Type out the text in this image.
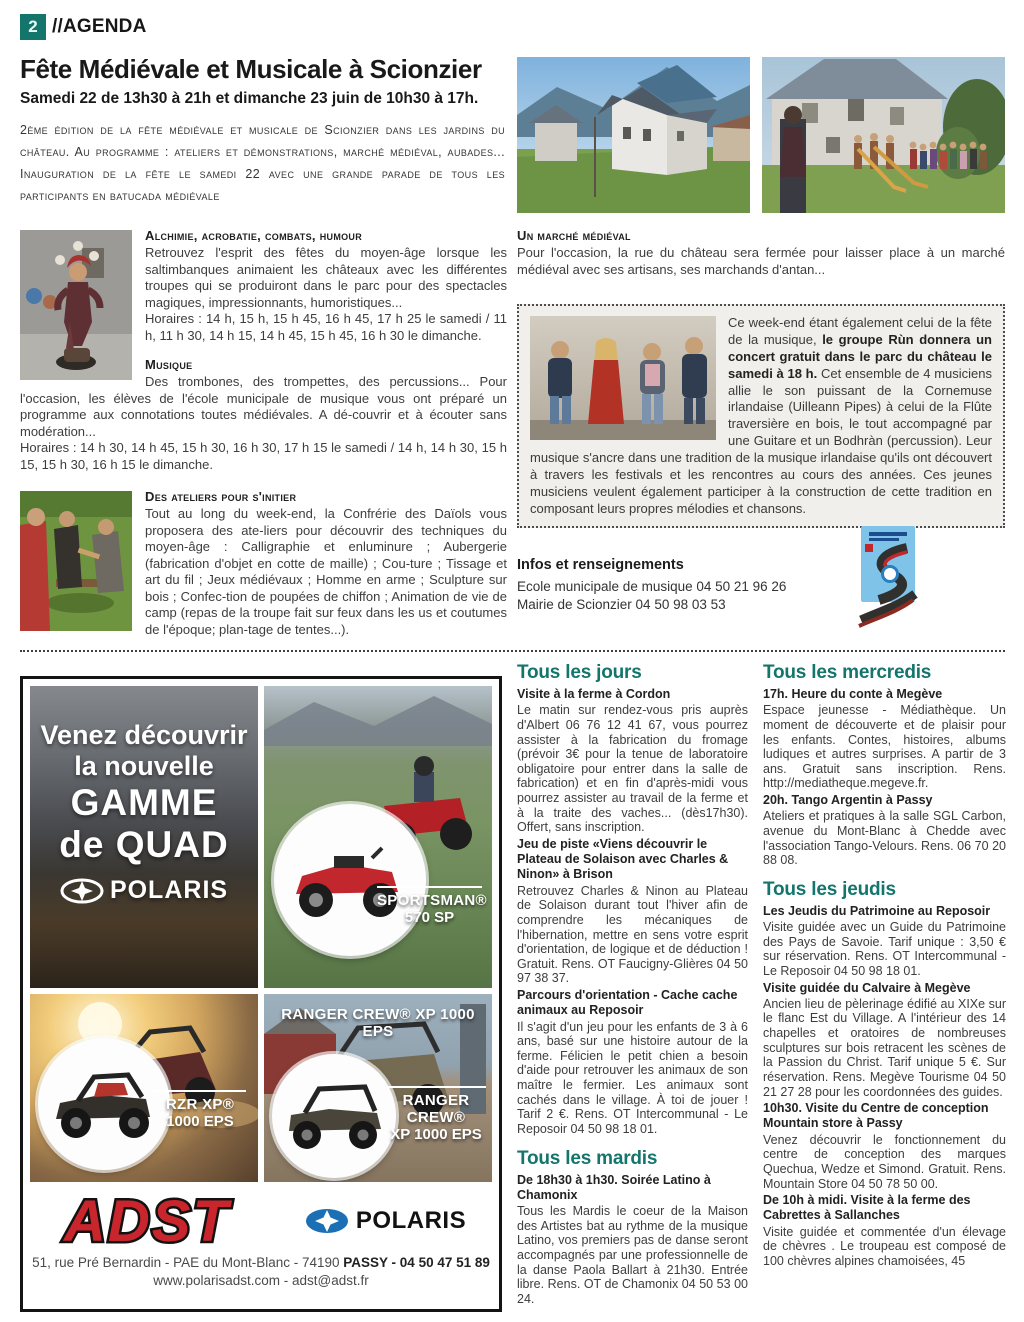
2 //AGENDA
Fête Médiévale et Musicale à Scionzier
Samedi 22 de 13h30 à 21h et dimanche 23 juin de 10h30 à 17h.

2ème édition de la fête médiévale et musicale de Scionzier dans les jardins du château. Au programme : ateliers et démonstrations, marché médiéval, aubades... Inauguration de la fête le samedi 22 avec une grande parade de tous les participants en batucada médiévale

Alchimie, acrobatie, combats, humour

Retrouvez l'esprit des fêtes du moyen-âge lorsque les saltimbanques animaient les châteaux avec les différentes troupes qui se produiront dans le parc pour des spectacles magiques, impressionnants, humoristiques...

Horaires : 14 h, 15 h, 15 h 45, 16 h 45, 17 h 25 le samedi / 11 h, 11 h 30, 14 h 15, 14 h 45, 15 h 45, 16 h 30 le dimanche.

Musique

Des trombones, des trompettes, des percussions... Pour l'occasion, les élèves de l'école municipale de musique vous ont préparé un programme aux connotations toutes médiévales. A dé-couvrir et à écouter sans modération...

Horaires : 14 h 30, 14 h 45, 15 h 30, 16 h 30, 17 h 15 le samedi / 14 h, 14 h 30, 15 h 15, 15 h 30, 16 h 15 le dimanche.

Des ateliers pour s'initier

Tout au long du week-end, la Confrérie des Daïols vous proposera des ate-liers pour découvrir des techniques du moyen-âge : Calligraphie et enluminure ; Aubergerie (fabrication d'objet en cotte de maille) ; Cou-ture ; Tissage et art du fil ; Jeux médiévaux ; Homme en arme ; Sculpture sur bois ; Confec-tion de poupées de chiffon ; Animation de vie de camp (repas de la troupe fait sur feux dans les us et coutumes de l'époque; plan-tage de tentes...).

Un marché médiéval

Pour l'occasion, la rue du château sera fermée pour laisser place à un marché médiéval avec ses artisans, ses marchands d'antan...

Ce week-end étant également celui de la fête de la musique, le groupe Rùn donnera un concert gratuit dans le parc du château le samedi à 18 h. Cet ensemble de 4 musiciens allie le son puissant de la Cornemuse irlandaise (Uilleann Pipes) à celui de la Flûte traversière en bois, le tout accompagné par une Guitare et un Bodhràn (percussion). Leur musique s'ancre dans une tradition de la musique irlandaise qu'ils ont découvert à travers les festivals et les rencontres au cours des années. Ces jeunes musiciens veulent également participer à la construction de cette tradition en composant leurs propres mélodies et chansons.

Infos et renseignements

Ecole municipale de musique 04 50 21 96 26

Mairie de Scionzier 04 50 98 03 53

Venez découvrir
la nouvelle
GAMME
de QUAD
POLARIS	SPORTSMAN®
570 SP
RZR XP®
1000 EPS
RANGER CREW® XP 1000 EPS
RANGER CREW®
XP 1000 EPS
ADST	POLARIS
51, rue Pré Bernardin - PAE du Mont-Blanc - 74190 PASSY - 04 50 47 51 89
www.polarisadst.com - adst@adst.fr
Tous les jours
Visite à la ferme à Cordon
Le matin sur rendez-vous pris auprès d'Albert 06 76 12 41 67, vous pourrez assister à la fabrication du fromage (prévoir 3€ pour la tenue de laboratoire obligatoire pour entrer dans la salle de fabrication) et en fin d'après-midi vous pourrez assister au travail de la ferme et à la traite des vaches... (dès17h30). Offert, sans inscription.
Jeu de piste «Viens découvrir le Plateau de Solaison avec Charles & Ninon» à Brison
Retrouvez Charles & Ninon au Plateau de Solaison durant tout l'hiver afin de comprendre les mécaniques de l'hibernation, mettre en sens votre esprit d'orientation, de logique et de déduction ! Gratuit. Rens. OT Faucigny-Glières 04 50 97 38 37.
Parcours d'orientation - Cache cache animaux au Reposoir
Il s'agit d'un jeu pour les enfants de 3 à 6 ans, basé sur une histoire autour de la ferme. Félicien le petit chien a besoin d'aide pour retrouver les animaux de son maître le fermier. Les animaux sont cachés dans le village. À toi de jouer ! Tarif 2 €. Rens. OT Intercommunal - Le Reposoir 04 50 98 18 01.
Tous les mardis
De 18h30 à 1h30. Soirée Latino à Chamonix
Tous les Mardis le coeur de la Maison des Artistes bat au rythme de la musique Latino, vos premiers pas de danse seront accompagnés par une professionnelle de la danse Paola Ballart à 21h30. Entrée libre. Rens. OT de Chamonix 04 50 53 00 24.
Tous les mercredis
17h. Heure du conte à Megève
Espace jeunesse - Médiathèque. Un moment de découverte et de plaisir pour les enfants. Contes, histoires, albums ludiques et autres surprises. A partir de 3 ans. Gratuit sans inscription. Rens. http://mediatheque.megeve.fr.
20h. Tango Argentin à Passy
Ateliers et pratiques à la salle SGL Carbon, avenue du Mont-Blanc à Chedde avec l'association Tango-Velours. Rens. 06 70 20 88 08.
Tous les jeudis
Les Jeudis du Patrimoine au Reposoir
Visite guidée avec un Guide du Patrimoine des Pays de Savoie. Tarif unique : 3,50 € sur réservation. Rens. OT Intercommunal - Le Reposoir 04 50 98 18 01.
Visite guidée du Calvaire à Megève
Ancien lieu de pèlerinage édifié au XIXe sur le flanc Est du Village. A l'intérieur des 14 chapelles et oratoires de nombreuses sculptures sur bois retracent les scènes de la Passion du Christ. Tarif unique 5 €. Sur réservation. Rens. Megève Tourisme 04 50 21 27 28 pour les coordonnées des guides.
10h30. Visite du Centre de conception Mountain store à Passy
Venez découvrir le fonctionnement du centre de conception des marques Quechua, Wedze et Simond. Gratuit. Rens. Mountain Store 04 50 78 50 00.
De 10h à midi. Visite à la ferme des Cabrettes à Sallanches
Visite guidée et commentée d'un élevage de chèvres . Le troupeau est composé de 100 chèvres alpines chamoisées, 45
